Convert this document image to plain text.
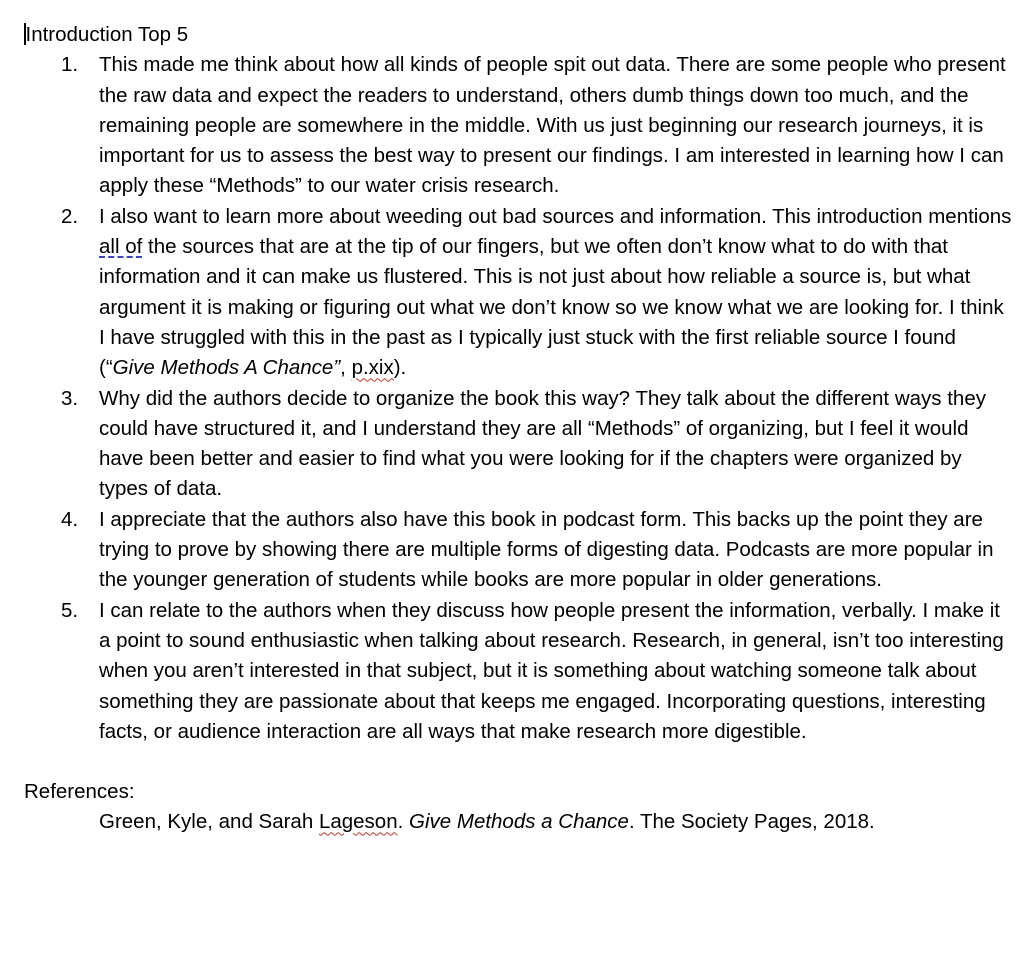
Introduction Top 5
1. This made me think about how all kinds of people spit out data. There are some people who present the raw data and expect the readers to understand, others dumb things down too much, and the remaining people are somewhere in the middle. With us just beginning our research journeys, it is important for us to assess the best way to present our findings. I am interested in learning how I can apply these “Methods” to our water crisis research.
2. I also want to learn more about weeding out bad sources and information. This introduction mentions all of the sources that are at the tip of our fingers, but we often don’t know what to do with that information and it can make us flustered. This is not just about how reliable a source is, but what argument it is making or figuring out what we don’t know so we know what we are looking for. I think I have struggled with this in the past as I typically just stuck with the first reliable source I found (“Give Methods A Chance”, p.xix).
3. Why did the authors decide to organize the book this way? They talk about the different ways they could have structured it, and I understand they are all “Methods” of organizing, but I feel it would have been better and easier to find what you were looking for if the chapters were organized by types of data.
4. I appreciate that the authors also have this book in podcast form. This backs up the point they are trying to prove by showing there are multiple forms of digesting data. Podcasts are more popular in the younger generation of students while books are more popular in older generations.
5. I can relate to the authors when they discuss how people present the information, verbally. I make it a point to sound enthusiastic when talking about research. Research, in general, isn’t too interesting when you aren’t interested in that subject, but it is something about watching someone talk about something they are passionate about that keeps me engaged. Incorporating questions, interesting facts, or audience interaction are all ways that make research more digestible.
References:
Green, Kyle, and Sarah Lageson. Give Methods a Chance. The Society Pages, 2018.
